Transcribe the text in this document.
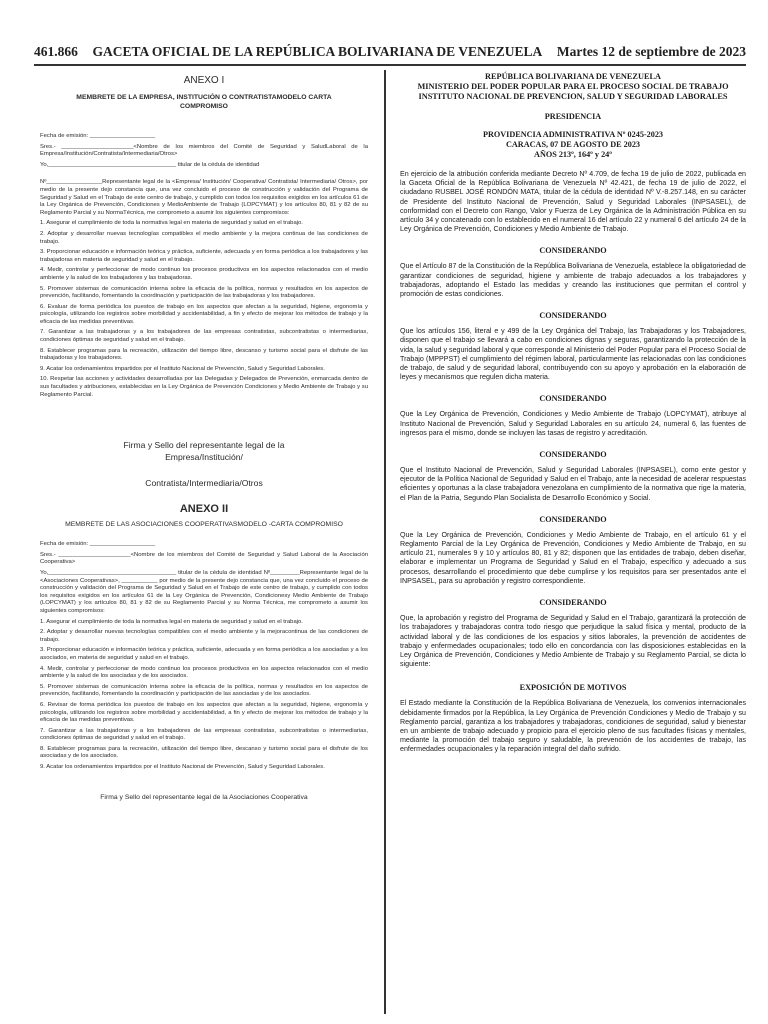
461.866 GACETA OFICIAL DE LA REPÚBLICA BOLIVARIANA DE VENEZUELA Martes 12 de septiembre de 2023
ANEXO I
MEMBRETE DE LA EMPRESA, INSTITUCIÓN O CONTRATISTAMODELO CARTA COMPROMISO

Fecha de emisión: ____________________

Sres.- ______________________<Nombre de los miembros del Comité de Seguridad y SaludLaboral de la Empresa/Institución/Contratista/Intermediaria/Otros>

Yo,_______________________________________ titular de la cédula de identidad

Nº_________________Representante legal de la <Empresa/ Institución/ Cooperativa/ Contratista/ Intermediaria/ Otros>, por medio de la presente dejo constancia que, una vez concluido el proceso de construcción y validación del Programa de Seguridad y Salud en el Trabajo de este centro de trabajo, y cumplido con todos los requisitos exigidos en los artículos 61 de la Ley Orgánica de Prevención, Condiciones y MedioAmbiente de Trabajo (LOPCYMAT) y los artículos 80, 81 y 82 de su Reglamento Parcial y su NormaTécnica, me comprometo a asumir los siguientes compromisos:

1. Asegurar el cumplimiento de toda la normativa legal en materia de seguridad y salud en el trabajo.

2. Adoptar y desarrollar nuevas tecnologías compatibles el medio ambiente y la mejora continua de las condiciones de trabajo.

3. Proporcionar educación e información teórica y práctica, suficiente, adecuada y en forma periódica a los trabajadores y las trabajadoras en materia de seguridad y salud en el trabajo.

4. Medir, controlar y perfeccionar de modo continuo los procesos productivos en los aspectos relacionados con el medio ambiente y la salud de los trabajadores y las trabajadoras.

5. Promover sistemas de comunicación interna sobre la eficacia de la política, normas y resultados en los aspectos de prevención, facilitando, fomentando la coordinación y participación de las trabajadoras y los trabajadores.

6. Evaluar de forma periódica los puestos de trabajo en los aspectos que afectan a la seguridad, higiene, ergonomía y psicología, utilizando los registros sobre morbilidad y accidentabilidad, a fin y efecto de mejorar los métodos de trabajo y la eficacia de las medidas preventivas.

7. Garantizar a las trabajadoras y a los trabajadores de las empresas contratistas, subcontratistas o intermediarias, condiciones óptimas de seguridad y salud en el trabajo.

8. Establecer programas para la recreación, utilización del tiempo libre, descanso y turismo social para el disfrute de las trabajadoras y los trabajadores.

9. Acatar los ordenamientos impartidos por el Instituto Nacional de Prevención, Salud y Seguridad Laborales.

10. Respetar las acciones y actividades desarrolladas por las Delegadas y Delegados de Prevención, enmarcada dentro de sus facultades y atribuciones, establecidas en la Ley Orgánica de Prevención Condiciones y Medio Ambiente de Trabajo y su Reglamento Parcial.

Firma y Sello del representante legal de la
Empresa/Institución/
Contratista/Intermediaria/Otros
ANEXO II
MEMBRETE DE LAS ASOCIACIONES COOPERATIVASMODELO -CARTA COMPROMISO

Fecha de emisión: ____________________

Sres.- ______________________<Nombre de los miembros del Comité de Seguridad y Salud Laboral de la Asociación Cooperativa>

Yo,_______________________________________ titular de la cédula de identidad Nº_________Representante legal de la <Asociaciones Cooperativas>, ___________ por medio de la presente dejo constancia que, una vez concluido el proceso de construcción y validación del Programa de Seguridad y Salud en el Trabajo de este centro de trabajo, y cumplido con todos los requisitos exigidos en los artículos 61 de la Ley Orgánica de Prevención, Condicionesy Medio Ambiente de Trabajo (LOPCYMAT) y los artículos 80, 81 y 82 de su Reglamento Parcial y su Norma Técnica, me comprometo a asumir los siguientes compromisos:

1. Asegurar el cumplimiento de toda la normativa legal en materia de seguridad y salud en el trabajo.

2. Adoptar y desarrollar nuevas tecnologías compatibles con el medio ambiente y la mejoracontinua de las condiciones de trabajo.

3. Proporcionar educación e información teórica y práctica, suficiente, adecuada y en forma periódica a los asociadas y a los asociados, en materia de seguridad y salud en el trabajo.

4. Medir, controlar y perfeccionar de modo continuo los procesos productivos en los aspectos relacionados con el medio ambiente y la salud de los asociadas y de los asociados.

5. Promover sistemas de comunicación interna sobre la eficacia de la política, normas y resultados en los aspectos de prevención, facilitando, fomentando la coordinación y participación de las asociadas y de los asociados.

6. Revisar de forma periódica los puestos de trabajo en los aspectos que afectan a la seguridad, higiene, ergonomía y psicología, utilizando los registros sobre morbilidad y accidentabilidad, a fin y efecto de mejorar los métodos de trabajo y la eficacia de las medidas preventivas.

7. Garantizar a las trabajadoras y a los trabajadores de las empresas contratistas, subcontratistas o intermediarias, condiciones óptimas de seguridad y salud en el trabajo.

8. Establecer programas para la recreación, utilización del tiempo libre, descanso y turismo social para el disfrute de los asociadas y de los asociados.

9. Acatar los ordenamientos impartidos por el Instituto Nacional de Prevención, Salud y Seguridad Laborales.

Firma y Sello del representante legal de la Asociaciones Cooperativa
REPÚBLICA BOLIVARIANA DE VENEZUELA
MINISTERIO DEL PODER POPULAR PARA EL PROCESO SOCIAL DE TRABAJO
INSTITUTO NACIONAL DE PREVENCION, SALUD Y SEGURIDAD LABORALES
PRESIDENCIA
PROVIDENCIA ADMINISTRATIVA Nº 0245-2023
CARACAS, 07 DE AGOSTO DE 2023
AÑOS 213º, 164º y 24º

En ejercicio de la atribución conferida mediante Decreto Nº 4.709, de fecha 19 de julio de 2022, publicada en la Gaceta Oficial de la República Bolivariana de Venezuela Nº 42.421, de fecha 19 de julio de 2022, el ciudadano RUSBEL JOSÉ RONDÓN MATA, titular de la cédula de identidad Nº V.-8.257.148, en su carácter de Presidente del Instituto Nacional de Prevención, Salud y Seguridad Laborales (INPSASEL), de conformidad con el Decreto con Rango, Valor y Fuerza de Ley Orgánica de la Administración Pública en su artículo 34 y concatenado con lo establecido en el numeral 16 del artículo 22 y numeral 6 del artículo 24 de la Ley Orgánica de Prevención, Condiciones y Medio Ambiente de Trabajo.

CONSIDERANDO

Que el Artículo 87 de la Constitución de la República Bolivariana de Venezuela, establece la obligatoriedad de garantizar condiciones de seguridad, higiene y ambiente de trabajo adecuados a los trabajadores y trabajadoras, adoptando el Estado las medidas y creando las instituciones que permitan el control y promoción de estas condiciones.

CONSIDERANDO

Que los artículos 156, literal e y 499 de la Ley Orgánica del Trabajo, las Trabajadoras y los Trabajadores, disponen que el trabajo se llevará a cabo en condiciones dignas y seguras, garantizando la protección de la vida, la salud y seguridad laboral y que corresponde al Ministerio del Poder Popular para el Proceso Social de Trabajo (MPPPST) el cumplimiento del régimen laboral, particularmente las relacionadas con las condiciones de trabajo, de salud y de seguridad laboral, contribuyendo con su apoyo y aprobación en la elaboración de leyes y mecanismos que regulen dicha materia.

CONSIDERANDO

Que la Ley Orgánica de Prevención, Condiciones y Medio Ambiente de Trabajo (LOPCYMAT), atribuye al Instituto Nacional de Prevención, Salud y Seguridad Laborales en su artículo 24, numeral 6, las fuentes de ingresos para el mismo, donde se incluyen las tasas de registro y acreditación.

CONSIDERANDO

Que el Instituto Nacional de Prevención, Salud y Seguridad Laborales (INPSASEL), como ente gestor y ejecutor de la Política Nacional de Seguridad y Salud en el Trabajo, ante la necesidad de acelerar respuestas eficientes y oportunas a la clase trabajadora venezolana en cumplimiento de la normativa que rige la materia, el Plan de la Patria, Segundo Plan Socialista de Desarrollo Económico y Social.

CONSIDERANDO

Que la Ley Orgánica de Prevención, Condiciones y Medio Ambiente de Trabajo, en el artículo 61 y el Reglamento Parcial de la Ley Orgánica de Prevención, Condiciones y Medio Ambiente de Trabajo, en su artículo 21, numerales 9 y 10 y artículos 80, 81 y 82; disponen que las entidades de trabajo, deben diseñar, elaborar e implementar un Programa de Seguridad y Salud en el Trabajo, específico y adecuado a sus procesos, desarrollando el procedimiento que debe cumplirse y los requisitos para ser presentados ante el INPSASEL, para su aprobación y registro correspondiente.

CONSIDERANDO

Que, la aprobación y registro del Programa de Seguridad y Salud en el Trabajo, garantizará la protección de los trabajadores y trabajadoras contra todo riesgo que perjudique la salud física y mental, producto de la actividad laboral y de las condiciones de los espacios y sitios laborales, la prevención de accidentes de trabajo y enfermedades ocupacionales; todo ello en concordancia con las disposiciones establecidas en la Ley Orgánica de Prevención, Condiciones y Medio Ambiente de Trabajo y su Reglamento Parcial, se dicta lo siguiente:

EXPOSICIÓN DE MOTIVOS

El Estado mediante la Constitución de la República Bolivariana de Venezuela, los convenios internacionales debidamente firmados por la República, la Ley Orgánica de Prevención Condiciones y Medio de Trabajo y su Reglamento parcial, garantiza a los trabajadores y trabajadoras, condiciones de seguridad, salud y bienestar en un ambiente de trabajo adecuado y propicio para el ejercicio pleno de sus facultades físicas y mentales, mediante la promoción del trabajo seguro y saludable, la prevención de los accidentes de trabajo, las enfermedades ocupacionales y la reparación integral del daño sufrido.
